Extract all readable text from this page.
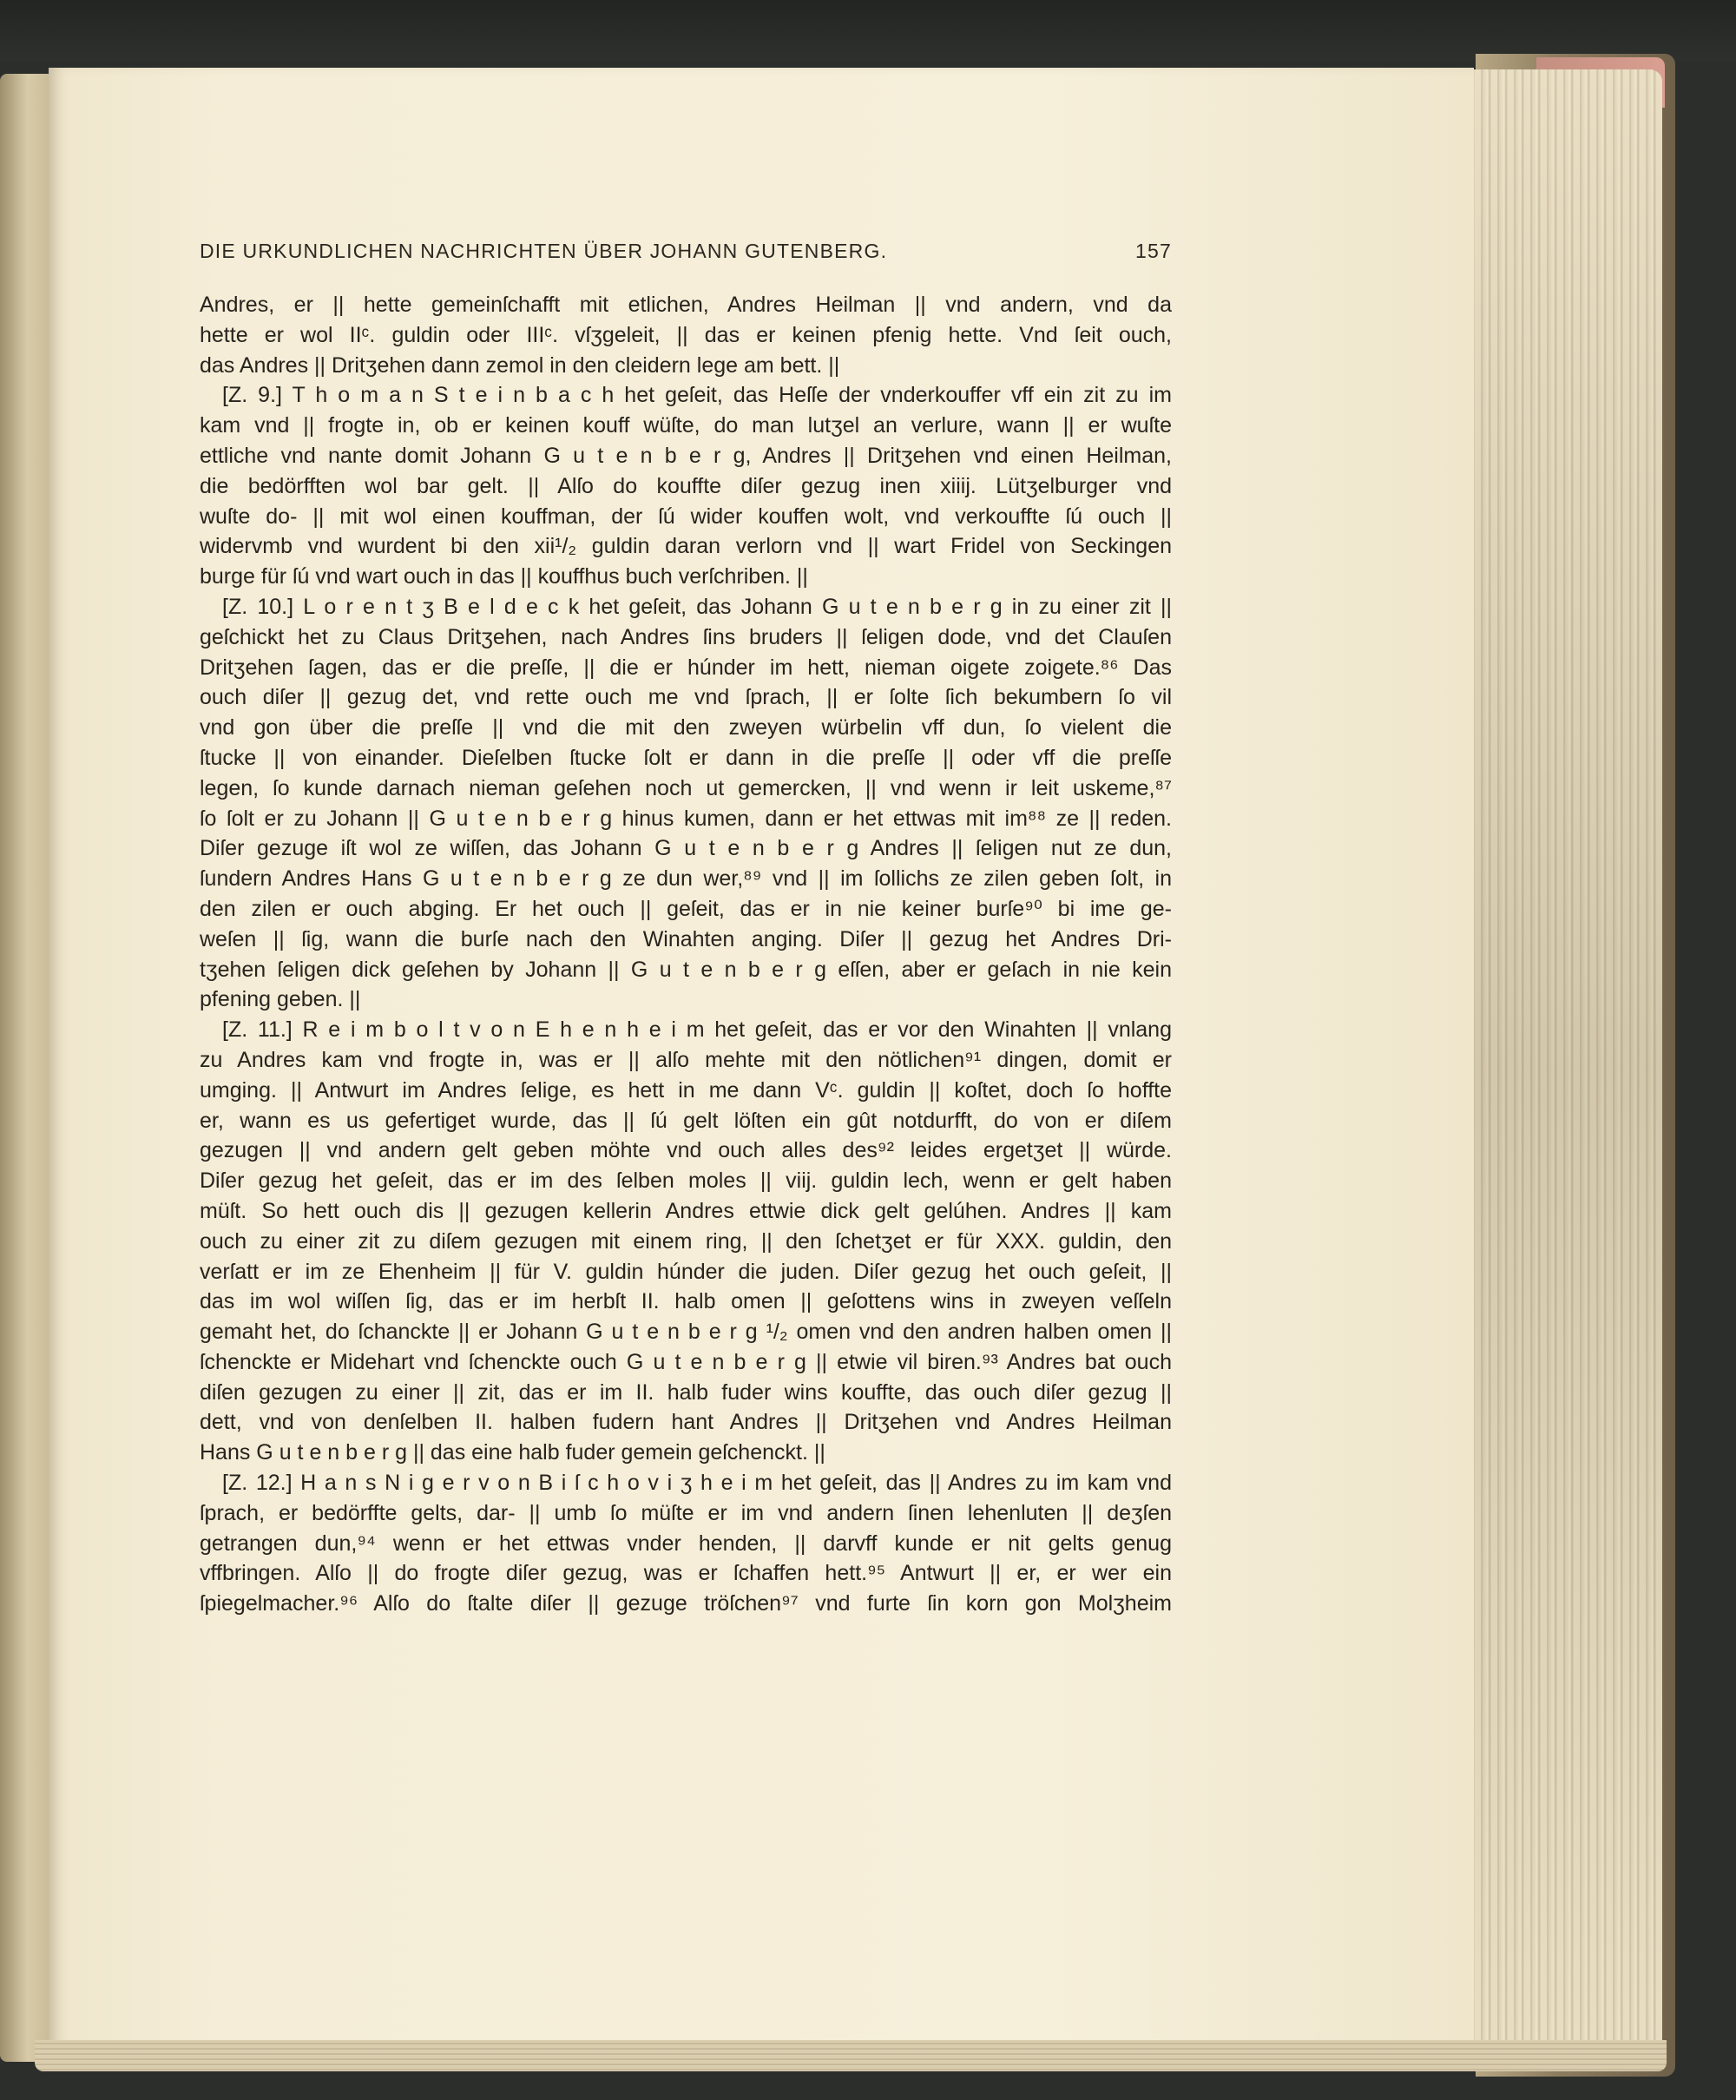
DIE URKUNDLICHEN NACHRICHTEN ÜBER JOHANN GUTENBERG.	157
Andres, er || hette gemeinſchafft mit etlichen, Andres Heilman || vnd andern, vnd da
hette er wol IIᶜ. guldin oder IIIᶜ. vſʒgeleit, || das er keinen pfenig hette. Vnd ſeit ouch,
das Andres || Dritʒehen dann zemol in den cleidern lege am bett. ||
[Z. 9.] T h o m a n S t e i n b a c h het geſeit, das Heſſe der vnderkouffer vff ein zit zu im
kam vnd || frogte in, ob er keinen kouff wüſte, do man lutʒel an verlure, wann || er wuſte
ettliche vnd nante domit Johann G u t e n b e r g, Andres || Dritʒehen vnd einen Heilman,
die bedörfften wol bar gelt. || Alſo do kouffte diſer gezug inen xiiij. Lütʒelburger vnd
wuſte do- || mit wol einen kouffman, der ſú wider kouffen wolt, vnd verkouffte ſú ouch ||
widervmb vnd wurdent bi den xii¹/₂ guldin daran verlorn vnd || wart Fridel von Seckingen
burge für ſú vnd wart ouch in das || kouffhus buch verſchriben. ||
[Z. 10.] L o r e n t ʒ B e l d e c k het geſeit, das Johann G u t e n b e r g in zu einer zit ||
geſchickt het zu Claus Dritʒehen, nach Andres ſins bruders || ſeligen dode, vnd det Clauſen
Dritʒehen ſagen, das er die preſſe, || die er húnder im hett, nieman oigete zoigete.⁸⁶ Das
ouch diſer || gezug det, vnd rette ouch me vnd ſprach, || er ſolte ſich bekumbern ſo vil
vnd gon über die preſſe || vnd die mit den zweyen würbelin vff dun, ſo vielent die
ſtucke || von einander. Dieſelben ſtucke ſolt er dann in die preſſe || oder vff die preſſe
legen, ſo kunde darnach nieman geſehen noch ut gemercken, || vnd wenn ir leit uskeme,⁸⁷
ſo ſolt er zu Johann || G u t e n b e r g hinus kumen, dann er het ettwas mit im⁸⁸ ze || reden.
Diſer gezuge iſt wol ze wiſſen, das Johann G u t e n b e r g Andres || ſeligen nut ze dun,
ſundern Andres Hans G u t e n b e r g ze dun wer,⁸⁹ vnd || im ſollichs ze zilen geben ſolt, in
den zilen er ouch abging. Er het ouch || geſeit, das er in nie keiner burſe⁹⁰ bi ime ge-
weſen || ſig, wann die burſe nach den Winahten anging. Diſer || gezug het Andres Dri-
tʒehen ſeligen dick geſehen by Johann || G u t e n b e r g eſſen, aber er geſach in nie kein
pfening geben. ||
[Z. 11.] R e i m b o l t v o n E h e n h e i m het geſeit, das er vor den Winahten || vnlang
zu Andres kam vnd frogte in, was er || alſo mehte mit den nötlichen⁹¹ dingen, domit er
umging. || Antwurt im Andres ſelige, es hett in me dann Vᶜ. guldin || koſtet, doch ſo hoffte
er, wann es us gefertiget wurde, das || ſú gelt löſten ein gût notdurfft, do von er diſem
gezugen || vnd andern gelt geben möhte vnd ouch alles des⁹² leides ergetʒet || würde.
Diſer gezug het geſeit, das er im des ſelben moles || viij. guldin lech, wenn er gelt haben
müſt. So hett ouch dis || gezugen kellerin Andres ettwie dick gelt gelúhen. Andres || kam
ouch zu einer zit zu diſem gezugen mit einem ring, || den ſchetʒet er für XXX. guldin, den
verſatt er im ze Ehenheim || für V. guldin húnder die juden. Diſer gezug het ouch geſeit, ||
das im wol wiſſen ſig, das er im herbſt II. halb omen || geſottens wins in zweyen veſſeln
gemaht het, do ſchanckte || er Johann G u t e n b e r g ¹/₂ omen vnd den andren halben omen ||
ſchenckte er Midehart vnd ſchenckte ouch G u t e n b e r g || etwie vil biren.⁹³ Andres bat ouch
diſen gezugen zu einer || zit, das er im II. halb fuder wins kouffte, das ouch diſer gezug ||
dett, vnd von denſelben II. halben fudern hant Andres || Dritʒehen vnd Andres Heilman
Hans G u t e n b e r g || das eine halb fuder gemein geſchenckt. ||
[Z. 12.] H a n s N i g e r v o n B i ſ c h o v i ʒ h e i m het geſeit, das || Andres zu im kam vnd
ſprach, er bedörffte gelts, dar- || umb ſo müſte er im vnd andern ſinen lehenluten || deʒſen
getrangen dun,⁹⁴ wenn er het ettwas vnder henden, || darvff kunde er nit gelts genug
vffbringen. Alſo || do frogte diſer gezug, was er ſchaffen hett.⁹⁵ Antwurt || er, er wer ein
ſpiegelmacher.⁹⁶ Alſo do ſtalte diſer || gezuge tröſchen⁹⁷ vnd furte ſin korn gon Molʒheim
